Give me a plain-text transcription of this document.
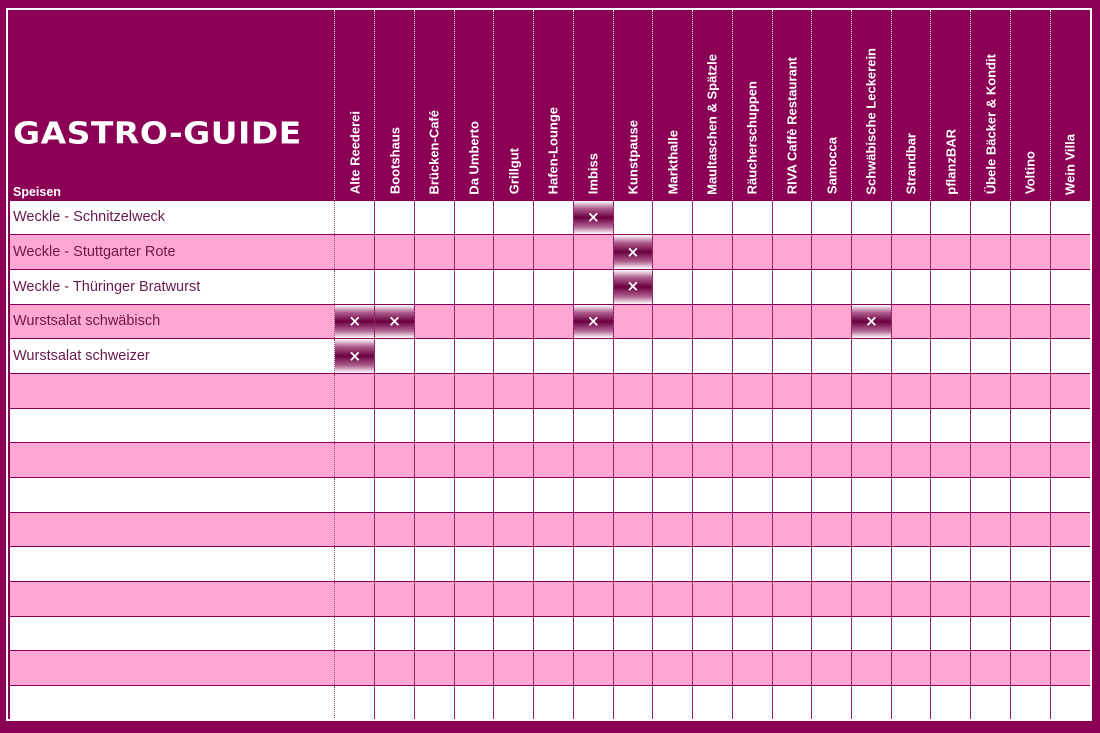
GASTRO-GUIDE
Speisen	Alte Reederei	Bootshaus	Brücken-Café	Da Umberto	Grillgut	Hafen-Lounge	Imbiss	Kunstpause	Markthalle	Maultaschen & Spätzle	Räucherschuppen	RIVA Caffè Restaurant	Samocca	Schwäbische Leckerein	Strandbar	pflanzBAR	Übele Bäcker & Kondit	Voltino	Wein Villa

Weckle - Schnitzelweck							×												

Weckle - Stuttgarter Rote								×											

Weckle - Thüringer Bratwurst								×											

Wurstsalat schwäbisch	×	×					×							×					

Wurstsalat schweizer	×																		
